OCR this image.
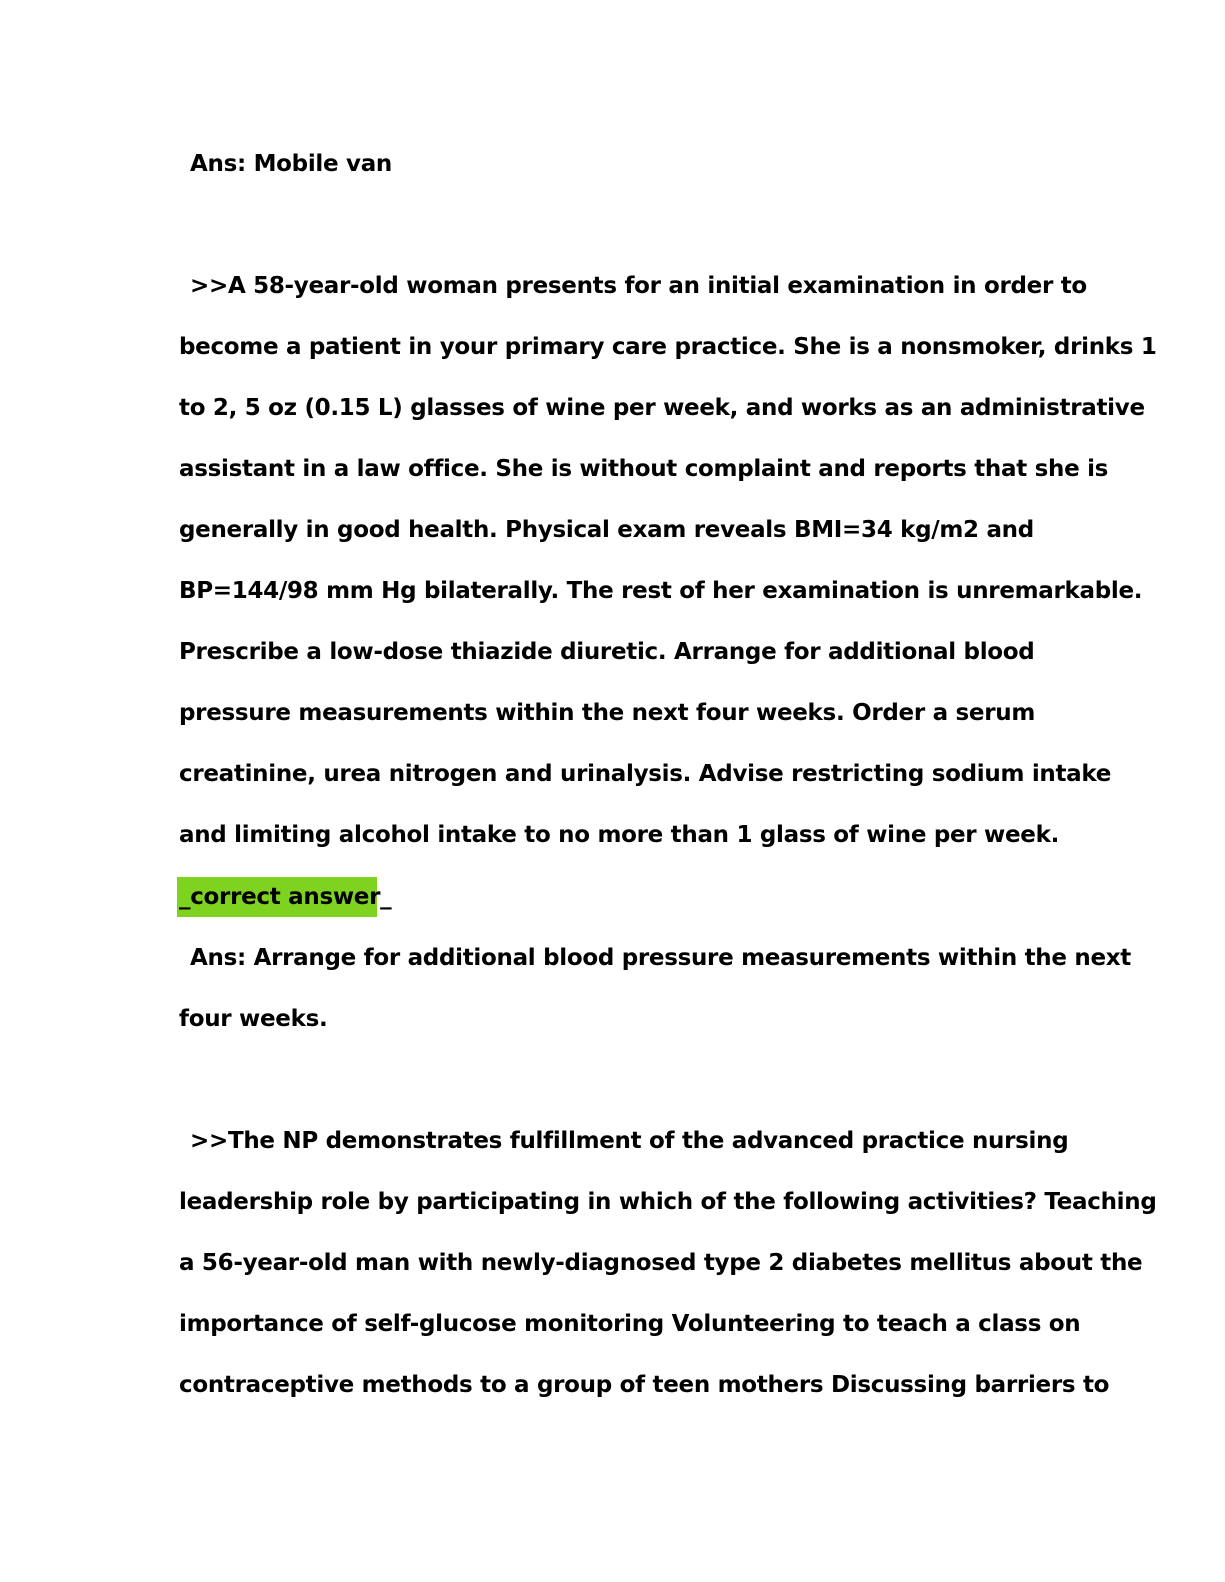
Ans: Mobile van
>>A 58-year-old woman presents for an initial examination in order to
become a patient in your primary care practice. She is a nonsmoker, drinks 1
to 2, 5 oz (0.15 L) glasses of wine per week, and works as an administrative
assistant in a law office. She is without complaint and reports that she is
generally in good health. Physical exam reveals BMI=34 kg/m2 and
BP=144/98 mm Hg bilaterally. The rest of her examination is unremarkable.
Prescribe a low-dose thiazide diuretic. Arrange for additional blood
pressure measurements within the next four weeks. Order a serum
creatinine, urea nitrogen and urinalysis. Advise restricting sodium intake
and limiting alcohol intake to no more than 1 glass of wine per week.
_correct answer_
Ans: Arrange for additional blood pressure measurements within the next
four weeks.
>>The NP demonstrates fulfillment of the advanced practice nursing
leadership role by participating in which of the following activities? Teaching
a 56-year-old man with newly-diagnosed type 2 diabetes mellitus about the
importance of self-glucose monitoring Volunteering to teach a class on
contraceptive methods to a group of teen mothers Discussing barriers to
